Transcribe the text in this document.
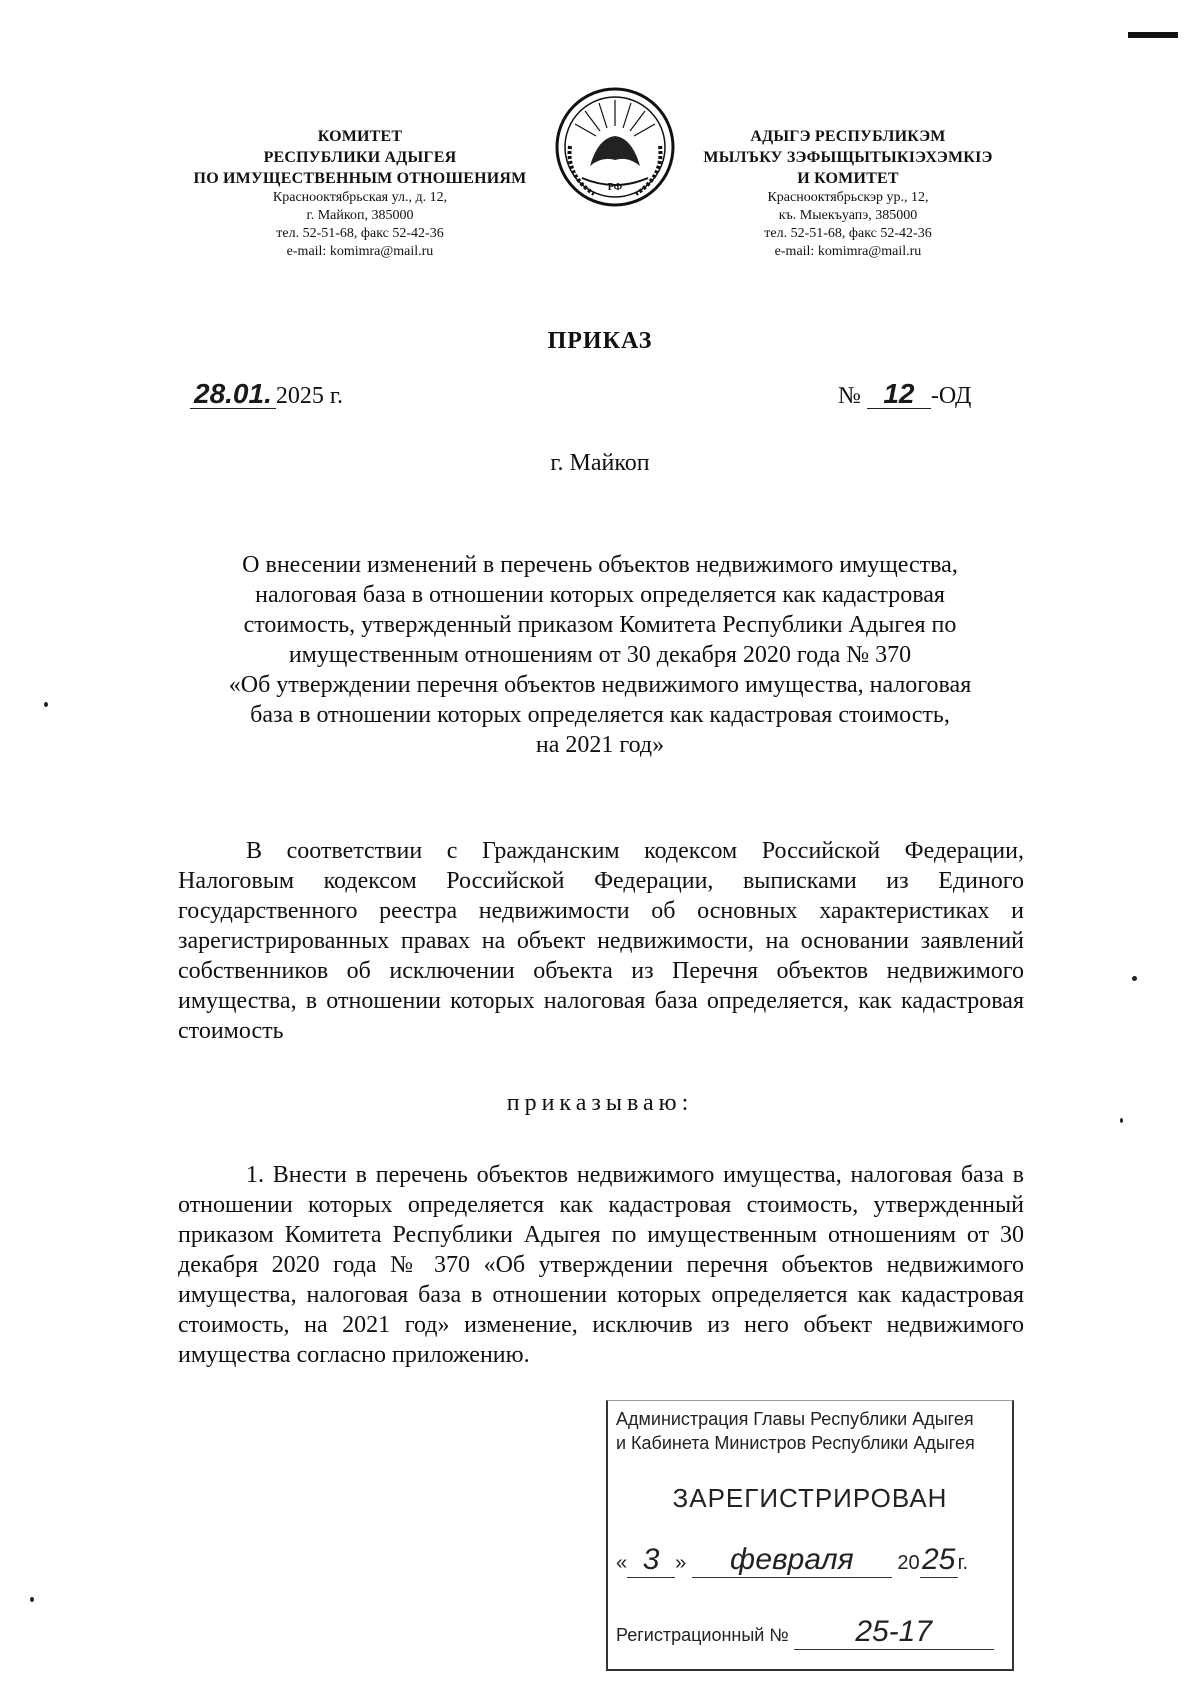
КОМИТЕТ
РЕСПУБЛИКИ АДЫГЕЯ
ПО ИМУЩЕСТВЕННЫМ ОТНОШЕНИЯМ
Краснооктябрьская ул., д. 12,
г. Майкоп, 385000
тел. 52-51-68, факс 52-42-36
e-mail: komimra@mail.ru
РФ
АДЫГЭ РЕСПУБЛИКЭМ
МЫЛЪКУ ЗЭФЫЩЫТЫКІЭХЭМКІЭ
И КОМИТЕТ
Краснооктябрьскэр ур., 12,
къ. Мыекъуапэ, 385000
тел. 52-51-68, факс 52-42-36
e-mail: komimra@mail.ru
ПРИКАЗ
28.01. 2025 г.	№ 12 -ОД
г. Майкоп
О внесении изменений в перечень объектов недвижимого имущества,
налоговая база в отношении которых определяется как кадастровая
стоимость, утвержденный приказом Комитета Республики Адыгея по
имущественным отношениям от 30 декабря 2020 года № 370
«Об утверждении перечня объектов недвижимого имущества, налоговая
база в отношении которых определяется как кадастровая стоимость,
на 2021 год»
В соответствии с Гражданским кодексом Российской Федерации, Налоговым кодексом Российской Федерации, выписками из Единого государственного реестра недвижимости об основных характеристиках и зарегистрированных правах на объект недвижимости, на основании заявлений собственников об исключении объекта из Перечня объектов недвижимого имущества, в отношении которых налоговая база определяется, как кадастровая стоимость
приказываю:
1. Внести в перечень объектов недвижимого имущества, налоговая база в отношении которых определяется как кадастровая стоимость, утвержденный приказом Комитета Республики Адыгея по имущественным отношениям от 30 декабря 2020 года № 370 «Об утверждении перечня объектов недвижимого имущества, налоговая база в отношении которых определяется как кадастровая стоимость, на 2021 год» изменение, исключив из него объект недвижимого имущества согласно приложению.
Администрация Главы Республики Адыгея
и Кабинета Министров Республики Адыгея
ЗАРЕГИСТРИРОВАН
« 3 » февраля 2025 г.
Регистрационный № 25-17
